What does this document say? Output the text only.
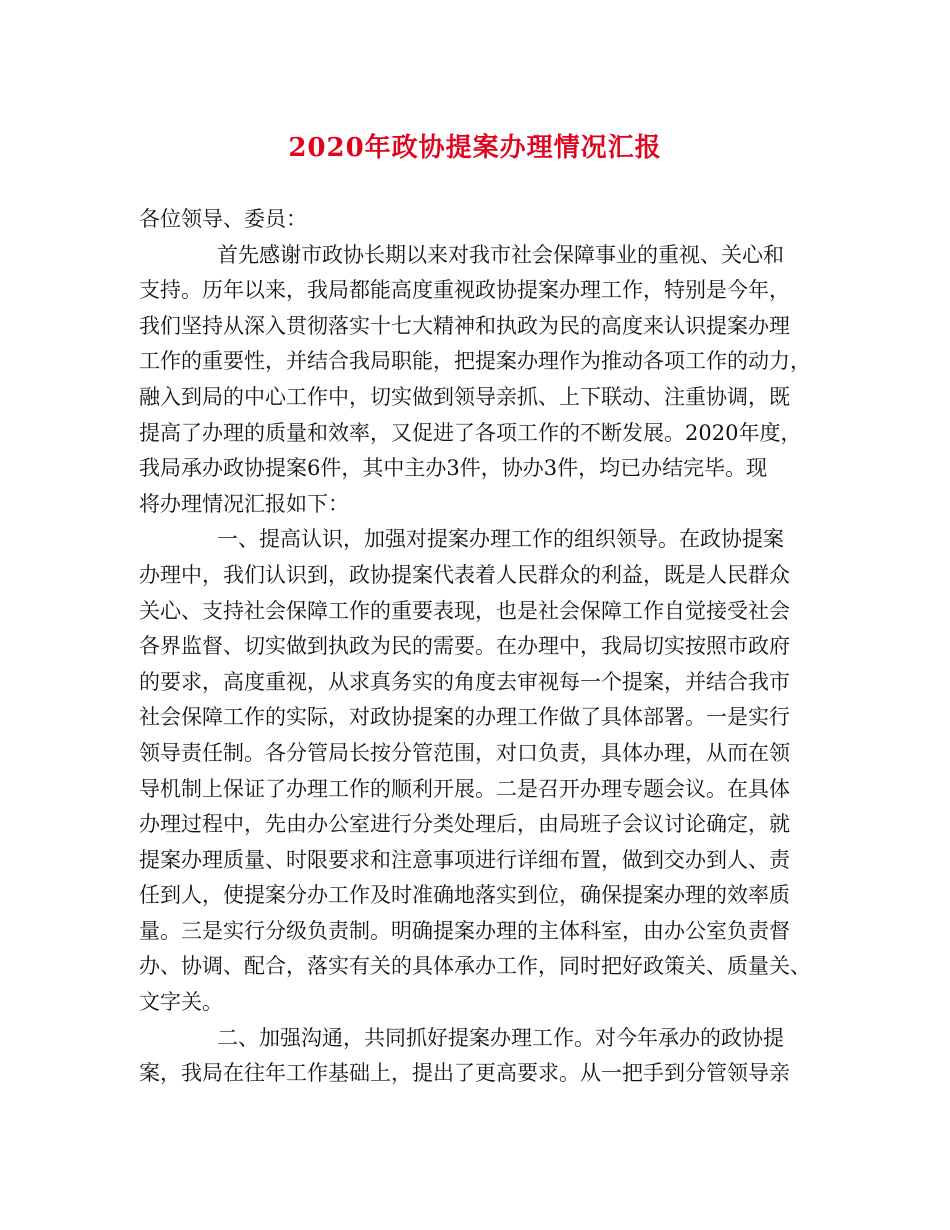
2020年政协提案办理情况汇报

各位领导、委员：

首先感谢市政协长期以来对我市社会保障事业的重视、关心和

支持。历年以来，我局都能高度重视政协提案办理工作，特别是今年，

我们坚持从深入贯彻落实十七大精神和执政为民的高度来认识提案办理

工作的重要性，并结合我局职能，把提案办理作为推动各项工作的动力，

融入到局的中心工作中，切实做到领导亲抓、上下联动、注重协调，既

提高了办理的质量和效率，又促进了各项工作的不断发展。2020年度，

我局承办政协提案6件，其中主办3件，协办3件，均已办结完毕。现

将办理情况汇报如下：

一、提高认识，加强对提案办理工作的组织领导。在政协提案

办理中，我们认识到，政协提案代表着人民群众的利益，既是人民群众

关心、支持社会保障工作的重要表现，也是社会保障工作自觉接受社会

各界监督、切实做到执政为民的需要。在办理中，我局切实按照市政府

的要求，高度重视，从求真务实的角度去审视每一个提案，并结合我市

社会保障工作的实际，对政协提案的办理工作做了具体部署。一是实行

领导责任制。各分管局长按分管范围，对口负责，具体办理，从而在领

导机制上保证了办理工作的顺利开展。二是召开办理专题会议。在具体

办理过程中，先由办公室进行分类处理后，由局班子会议讨论确定，就

提案办理质量、时限要求和注意事项进行详细布置，做到交办到人、责

任到人，使提案分办工作及时准确地落实到位，确保提案办理的效率质

量。三是实行分级负责制。明确提案办理的主体科室，由办公室负责督

办、协调、配合，落实有关的具体承办工作，同时把好政策关、质量关、

文字关。

二、加强沟通，共同抓好提案办理工作。对今年承办的政协提

案，我局在往年工作基础上，提出了更高要求。从一把手到分管领导亲
